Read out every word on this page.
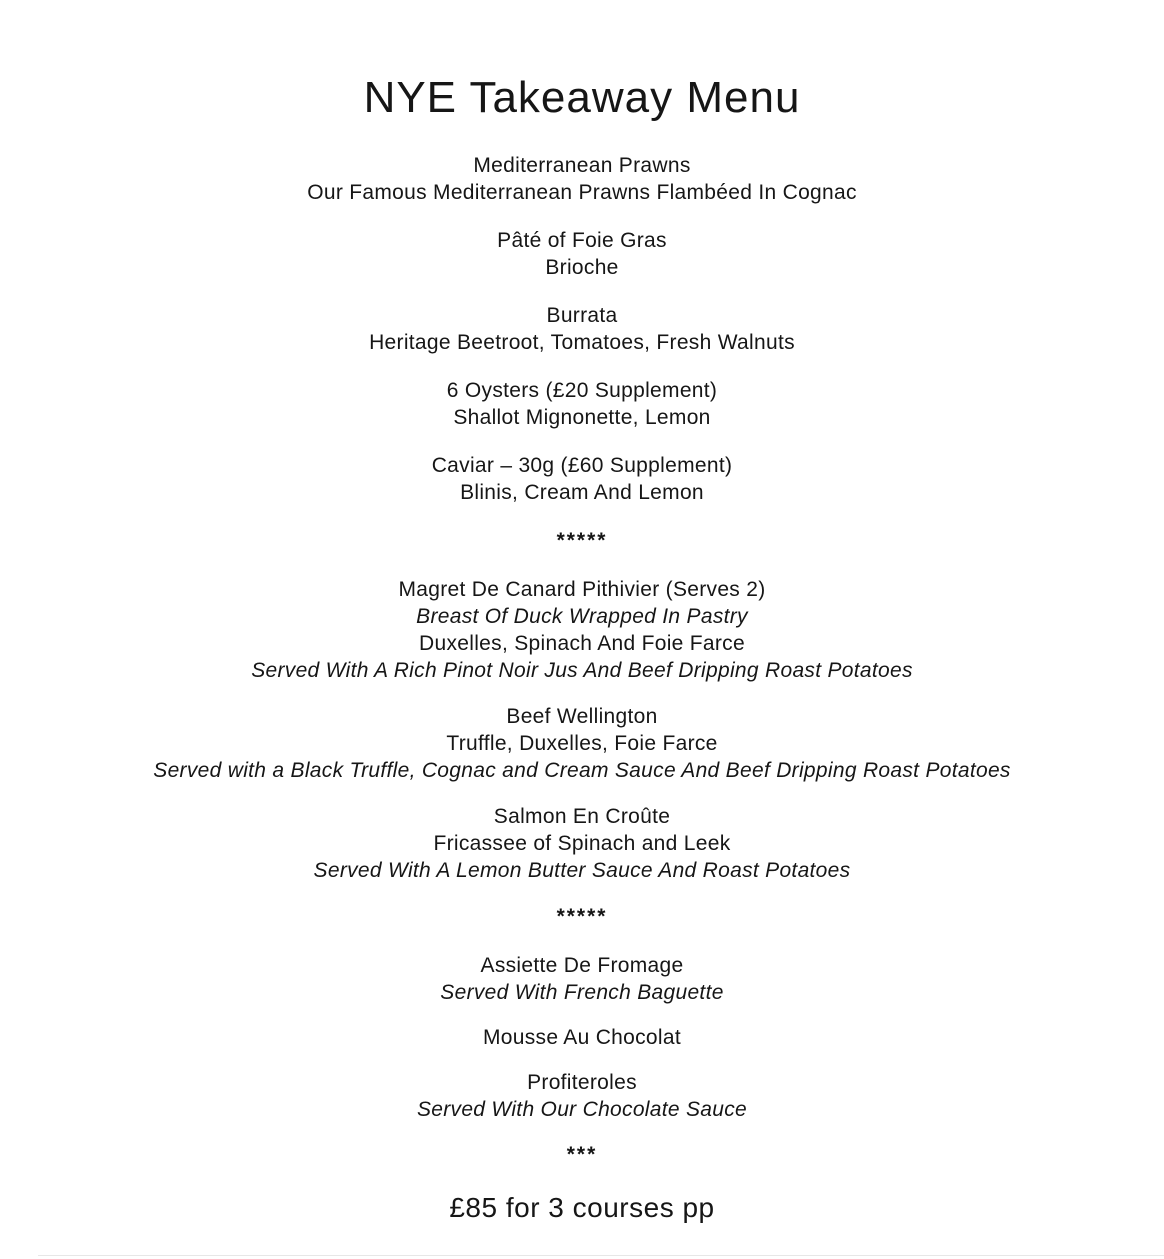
NYE Takeaway Menu

Mediterranean Prawns

Our Famous Mediterranean Prawns Flambéed In Cognac

Pâté of Foie Gras

Brioche

Burrata

Heritage Beetroot, Tomatoes, Fresh Walnuts

6 Oysters (£20 Supplement)

Shallot Mignonette, Lemon

Caviar – 30g (£60 Supplement)

Blinis, Cream And Lemon

*****

Magret De Canard Pithivier (Serves 2)

Breast Of Duck Wrapped In Pastry

Duxelles, Spinach And Foie Farce

Served With A Rich Pinot Noir Jus And Beef Dripping Roast Potatoes

Beef Wellington

Truffle, Duxelles, Foie Farce

Served with a Black Truffle, Cognac and Cream Sauce And Beef Dripping Roast Potatoes

Salmon En Croûte

Fricassee of Spinach and Leek

Served With A Lemon Butter Sauce And Roast Potatoes

*****

Assiette De Fromage

Served With French Baguette

Mousse Au Chocolat

Profiteroles

Served With Our Chocolate Sauce

***

£85 for 3 courses pp
